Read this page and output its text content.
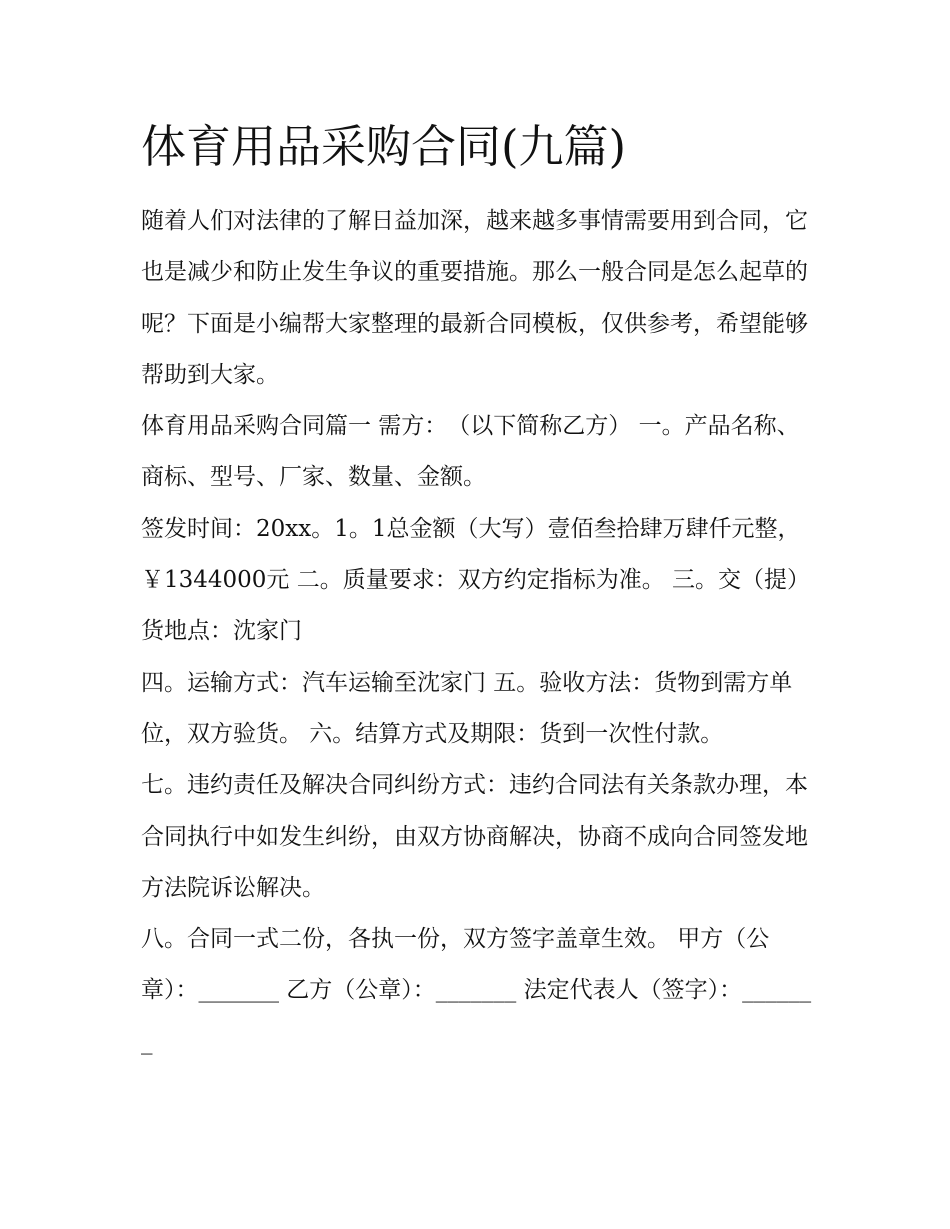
体育用品采购合同(九篇)

随着人们对法律的了解日益加深，越来越多事情需要用到合同，它也是减少和防止发生争议的重要措施。那么一般合同是怎么起草的呢？下面是小编帮大家整理的最新合同模板，仅供参考，希望能够帮助到大家。

体育用品采购合同篇一 需方：　（以下简称乙方） 一。产品名称、商标、型号、厂家、数量、金额。

签发时间：20xx。1。1总金额（大写）壹佰叁拾肆万肆仟元整，￥1344000元 二。质量要求：双方约定指标为准。 三。交（提）货地点：沈家门

四。运输方式：汽车运输至沈家门 五。验收方法：货物到需方单位，双方验货。 六。结算方式及期限：货到一次性付款。

七。违约责任及解决合同纠纷方式：违约合同法有关条款办理，本合同执行中如发生纠纷，由双方协商解决，协商不成向合同签发地方法院诉讼解决。

八。合同一式二份，各执一份，双方签字盖章生效。 甲方（公章）：_______ 乙方（公章）：_______ 法定代表人（签字）：_______
